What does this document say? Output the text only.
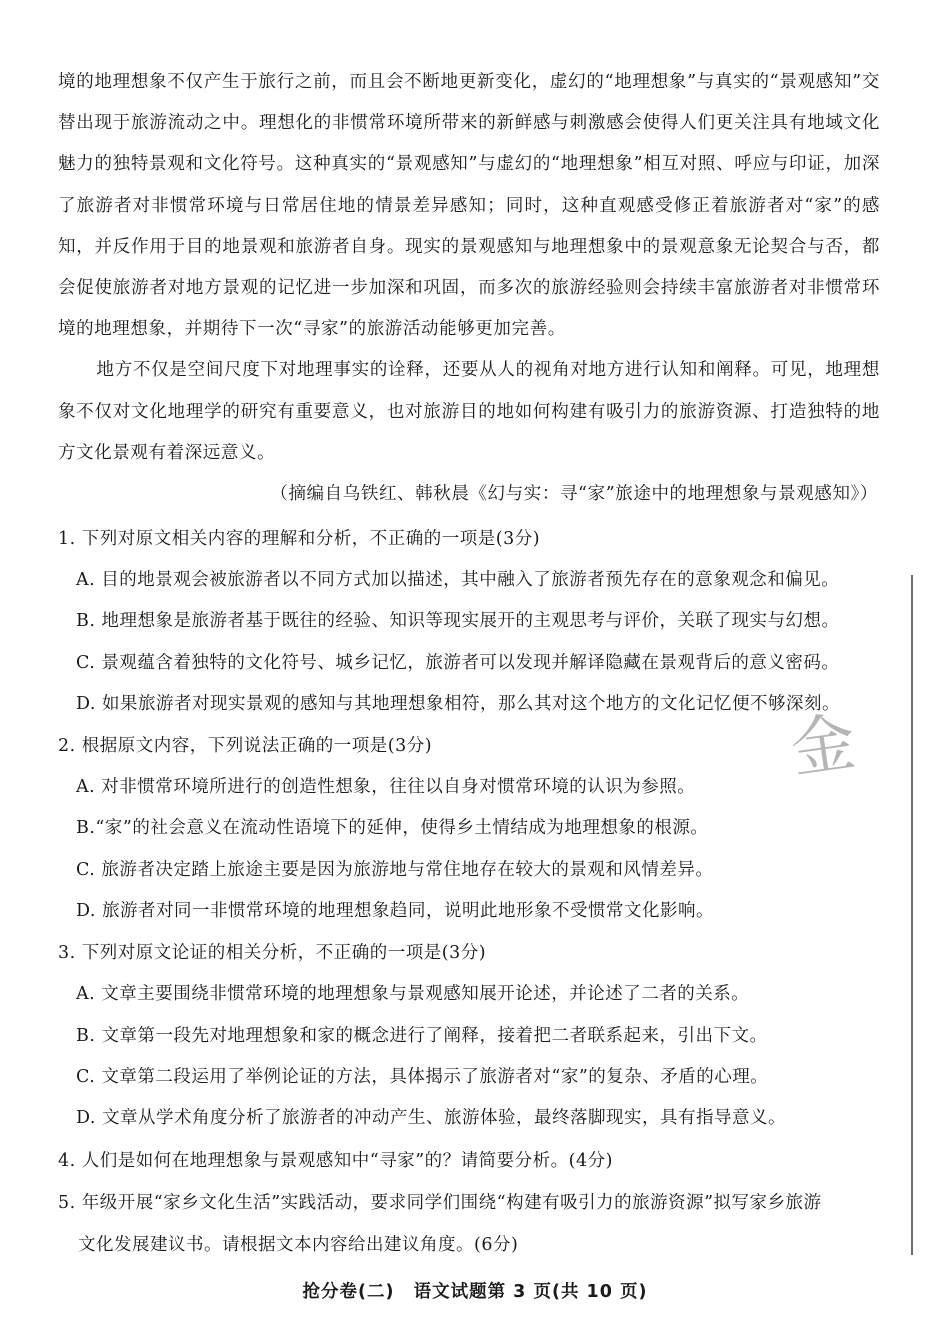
境的地理想象不仅产生于旅行之前，而且会不断地更新变化，虚幻的“地理想象”与真实的“景观感知”交替出现于旅游流动之中。理想化的非惯常环境所带来的新鲜感与刺激感会使得人们更关注具有地域文化魅力的独特景观和文化符号。这种真实的“景观感知”与虚幻的“地理想象”相互对照、呼应与印证，加深了旅游者对非惯常环境与日常居住地的情景差异感知；同时，这种直观感受修正着旅游者对“家”的感知，并反作用于目的地景观和旅游者自身。现实的景观感知与地理想象中的景观意象无论契合与否，都会促使旅游者对地方景观的记忆进一步加深和巩固，而多次的旅游经验则会持续丰富旅游者对非惯常环境的地理想象，并期待下一次“寻家”的旅游活动能够更加完善。

地方不仅是空间尺度下对地理事实的诠释，还要从人的视角对地方进行认知和阐释。可见，地理想象不仅对文化地理学的研究有重要意义，也对旅游目的地如何构建有吸引力的旅游资源、打造独特的地方文化景观有着深远意义。

（摘编自乌铁红、韩秋晨《幻与实：寻“家”旅途中的地理想象与景观感知》）

1. 下列对原文相关内容的理解和分析，不正确的一项是(3分)
A. 目的地景观会被旅游者以不同方式加以描述，其中融入了旅游者预先存在的意象观念和偏见。
B. 地理想象是旅游者基于既往的经验、知识等现实展开的主观思考与评价，关联了现实与幻想。
C. 景观蕴含着独特的文化符号、城乡记忆，旅游者可以发现并解译隐藏在景观背后的意义密码。
D. 如果旅游者对现实景观的感知与其地理想象相符，那么其对这个地方的文化记忆便不够深刻。
2. 根据原文内容，下列说法正确的一项是(3分)
A. 对非惯常环境所进行的创造性想象，往往以自身对惯常环境的认识为参照。
B.“家”的社会意义在流动性语境下的延伸，使得乡土情结成为地理想象的根源。
C. 旅游者决定踏上旅途主要是因为旅游地与常住地存在较大的景观和风情差异。
D. 旅游者对同一非惯常环境的地理想象趋同，说明此地形象不受惯常文化影响。
3. 下列对原文论证的相关分析，不正确的一项是(3分)
A. 文章主要围绕非惯常环境的地理想象与景观感知展开论述，并论述了二者的关系。
B. 文章第一段先对地理想象和家的概念进行了阐释，接着把二者联系起来，引出下文。
C. 文章第二段运用了举例论证的方法，具体揭示了旅游者对“家”的复杂、矛盾的心理。
D. 文章从学术角度分析了旅游者的冲动产生、旅游体验，最终落脚现实，具有指导意义。
4. 人们是如何在地理想象与景观感知中“寻家”的？请简要分析。(4分)
5. 年级开展“家乡文化生活”实践活动，要求同学们围绕“构建有吸引力的旅游资源”拟写家乡旅游
文化发展建议书。请根据文本内容给出建议角度。(6分)
金
抢分卷(二) 语文试题第 3 页(共 10 页)
